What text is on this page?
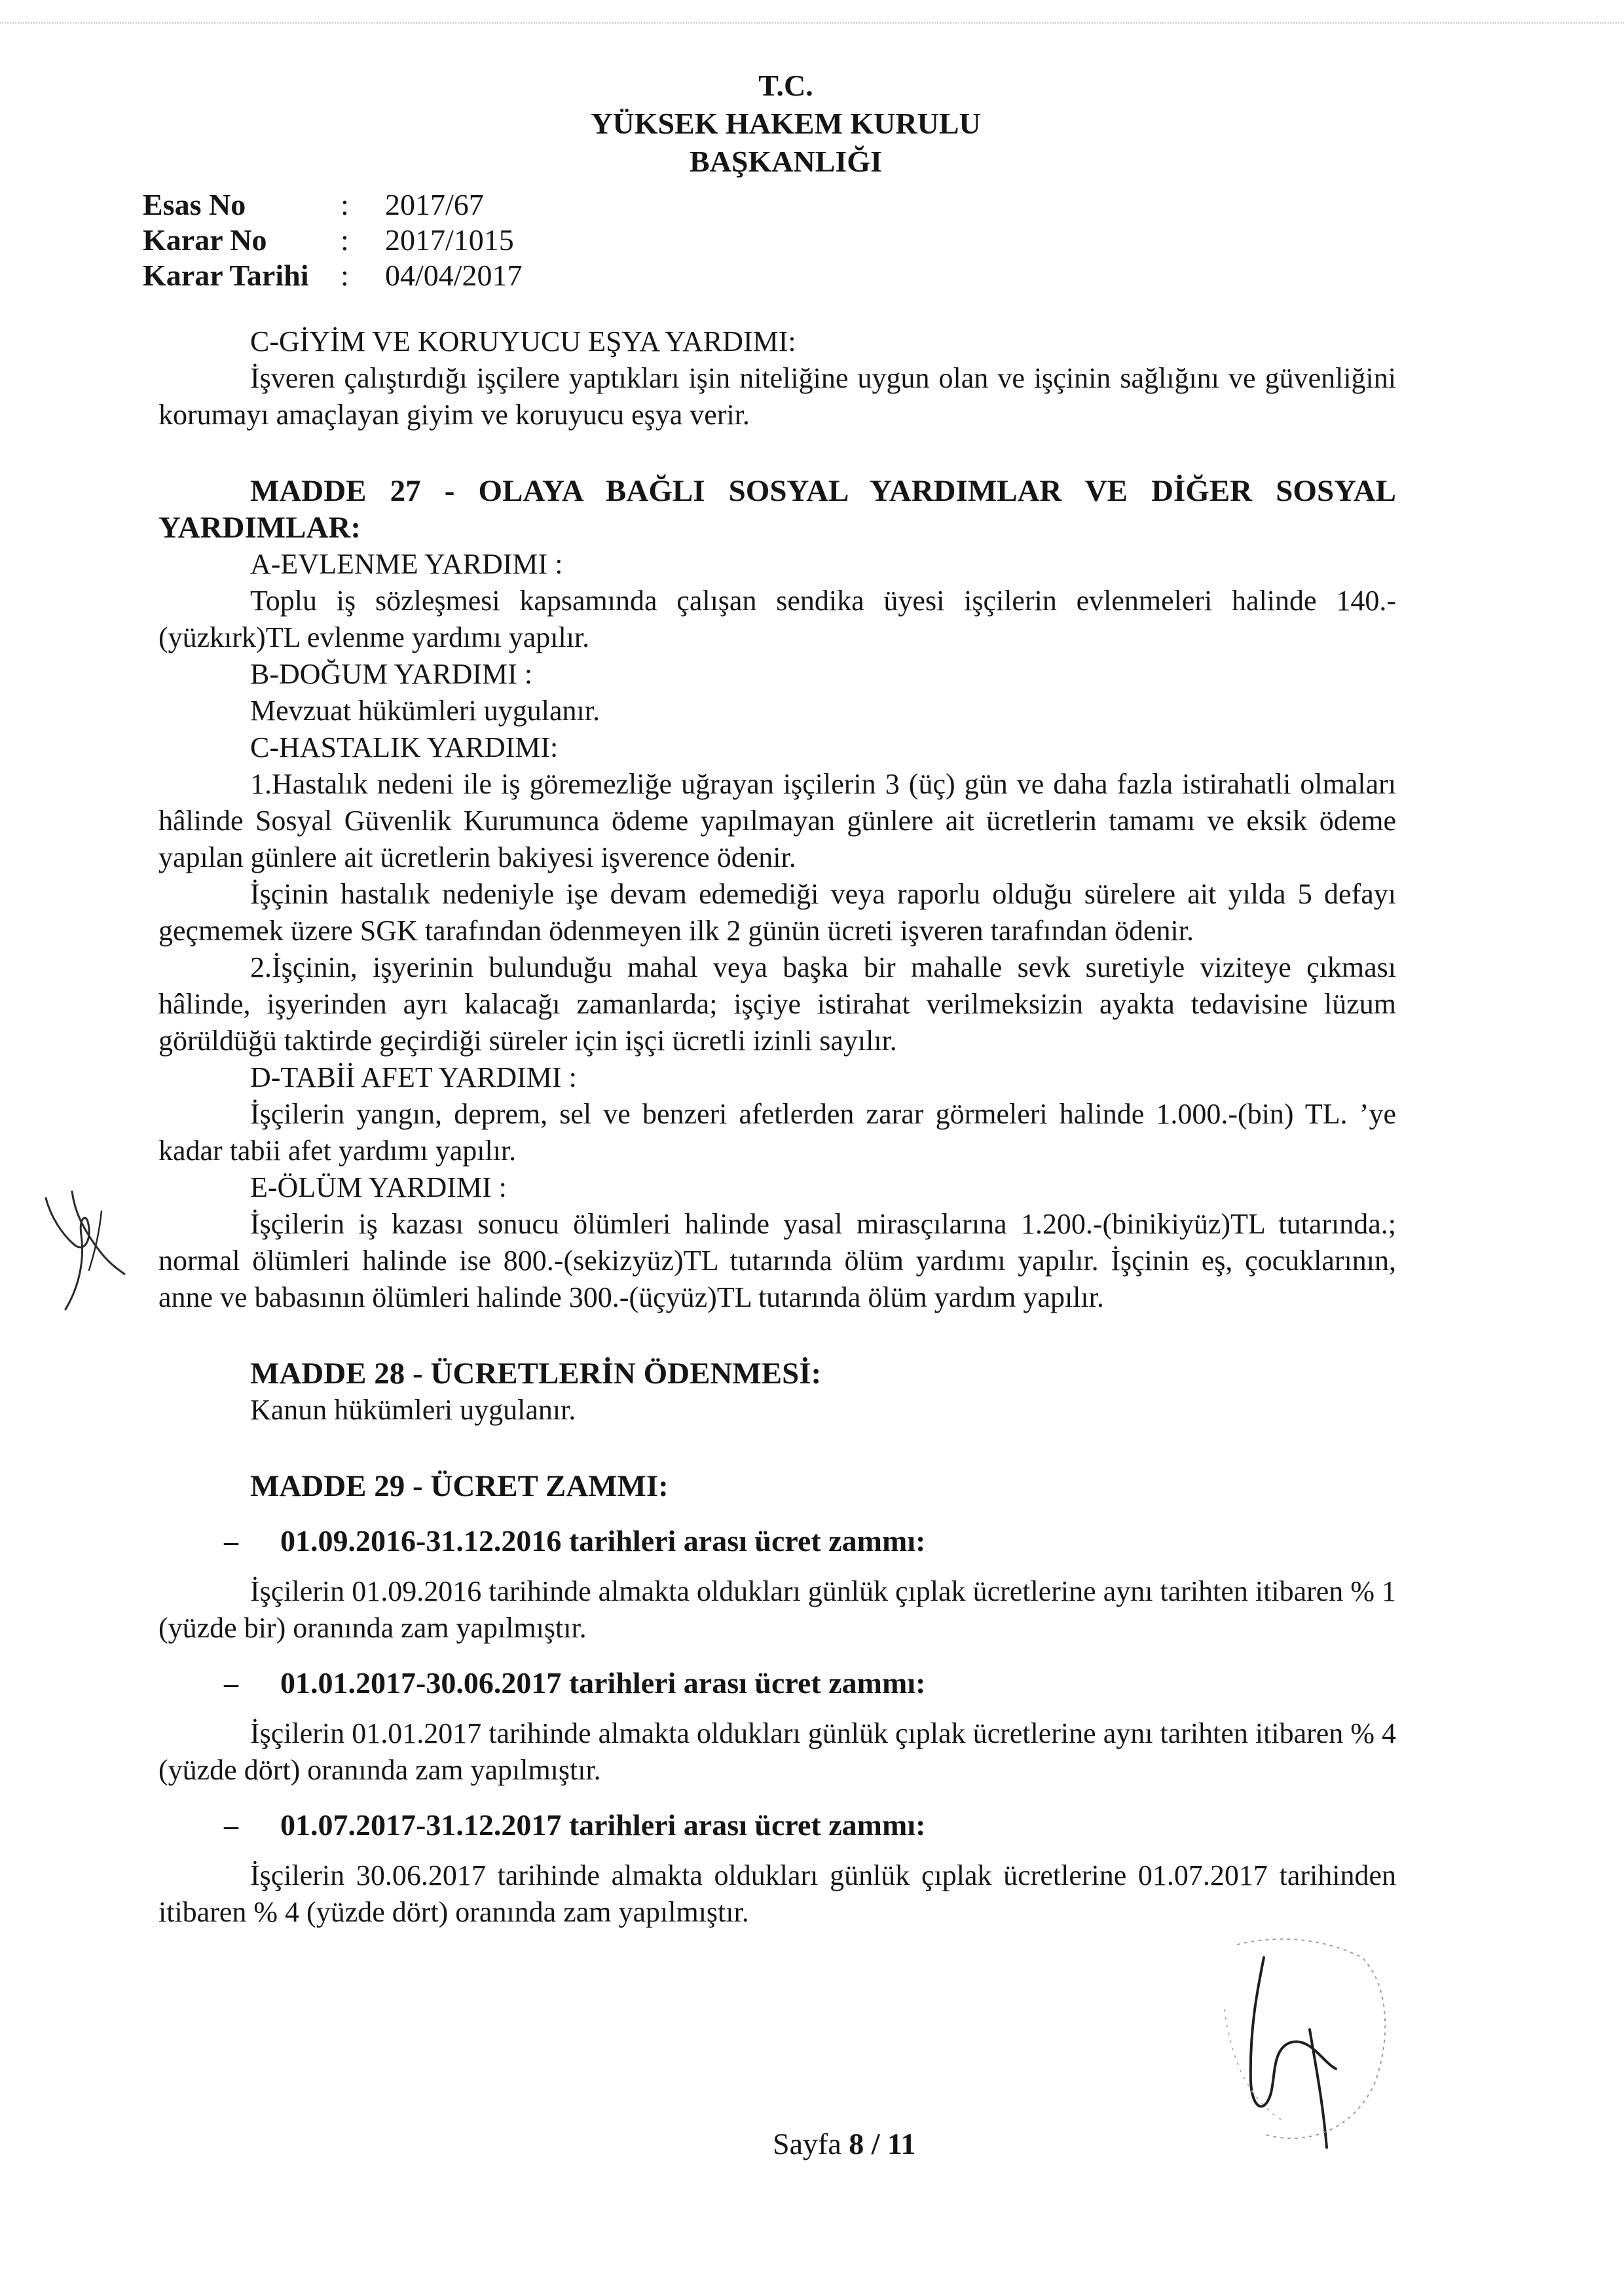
T.C.
YÜKSEK HAKEM KURULU
BAŞKANLIĞI
Esas No	: 2017/67
Karar No : 2017/1015
Karar Tarihi : 04/04/2017

C-GİYİM VE KORUYUCU EŞYA YARDIMI:

İşveren çalıştırdığı işçilere yaptıkları işin niteliğine uygun olan ve işçinin sağlığını ve güvenliğini korumayı amaçlayan giyim ve koruyucu eşya verir.

MADDE 27 - OLAYA BAĞLI SOSYAL YARDIMLAR VE DİĞER SOSYAL YARDIMLAR:

A-EVLENME YARDIMI :

Toplu iş sözleşmesi kapsamında çalışan sendika üyesi işçilerin evlenmeleri halinde 140.-(yüzkırk)TL evlenme yardımı yapılır.

B-DOĞUM YARDIMI :

Mevzuat hükümleri uygulanır.

C-HASTALIK YARDIMI:

1.Hastalık nedeni ile iş göremezliğe uğrayan işçilerin 3 (üç) gün ve daha fazla istirahatli olmaları hâlinde Sosyal Güvenlik Kurumunca ödeme yapılmayan günlere ait ücretlerin tamamı ve eksik ödeme yapılan günlere ait ücretlerin bakiyesi işverence ödenir.

İşçinin hastalık nedeniyle işe devam edemediği veya raporlu olduğu sürelere ait yılda 5 defayı geçmemek üzere SGK tarafından ödenmeyen ilk 2 günün ücreti işveren tarafından ödenir.

2.İşçinin, işyerinin bulunduğu mahal veya başka bir mahalle sevk suretiyle viziteye çıkması hâlinde, işyerinden ayrı kalacağı zamanlarda; işçiye istirahat verilmeksizin ayakta tedavisine lüzum görüldüğü taktirde geçirdiği süreler için işçi ücretli izinli sayılır.

D-TABİİ AFET YARDIMI :

İşçilerin yangın, deprem, sel ve benzeri afetlerden zarar görmeleri halinde 1.000.-(bin) TL. ’ye kadar tabii afet yardımı yapılır.

E-ÖLÜM YARDIMI :

İşçilerin iş kazası sonucu ölümleri halinde yasal mirasçılarına 1.200.-(binikiyüz)TL tutarında.; normal ölümleri halinde ise 800.-(sekizyüz)TL tutarında ölüm yardımı yapılır. İşçinin eş, çocuklarının, anne ve babasının ölümleri halinde 300.-(üçyüz)TL tutarında ölüm yardım yapılır.

MADDE 28 - ÜCRETLERİN ÖDENMESİ:

Kanun hükümleri uygulanır.

MADDE 29 - ÜCRET ZAMMI:

–	01.09.2016-31.12.2016 tarihleri arası ücret zammı:

İşçilerin 01.09.2016 tarihinde almakta oldukları günlük çıplak ücretlerine aynı tarihten itibaren % 1 (yüzde bir) oranında zam yapılmıştır.

–	01.01.2017-30.06.2017 tarihleri arası ücret zammı:

İşçilerin 01.01.2017 tarihinde almakta oldukları günlük çıplak ücretlerine aynı tarihten itibaren % 4 (yüzde dört) oranında zam yapılmıştır.

–	01.07.2017-31.12.2017 tarihleri arası ücret zammı:

İşçilerin 30.06.2017 tarihinde almakta oldukları günlük çıplak ücretlerine 01.07.2017 tarihinden itibaren % 4 (yüzde dört) oranında zam yapılmıştır.

Sayfa 8 / 11
